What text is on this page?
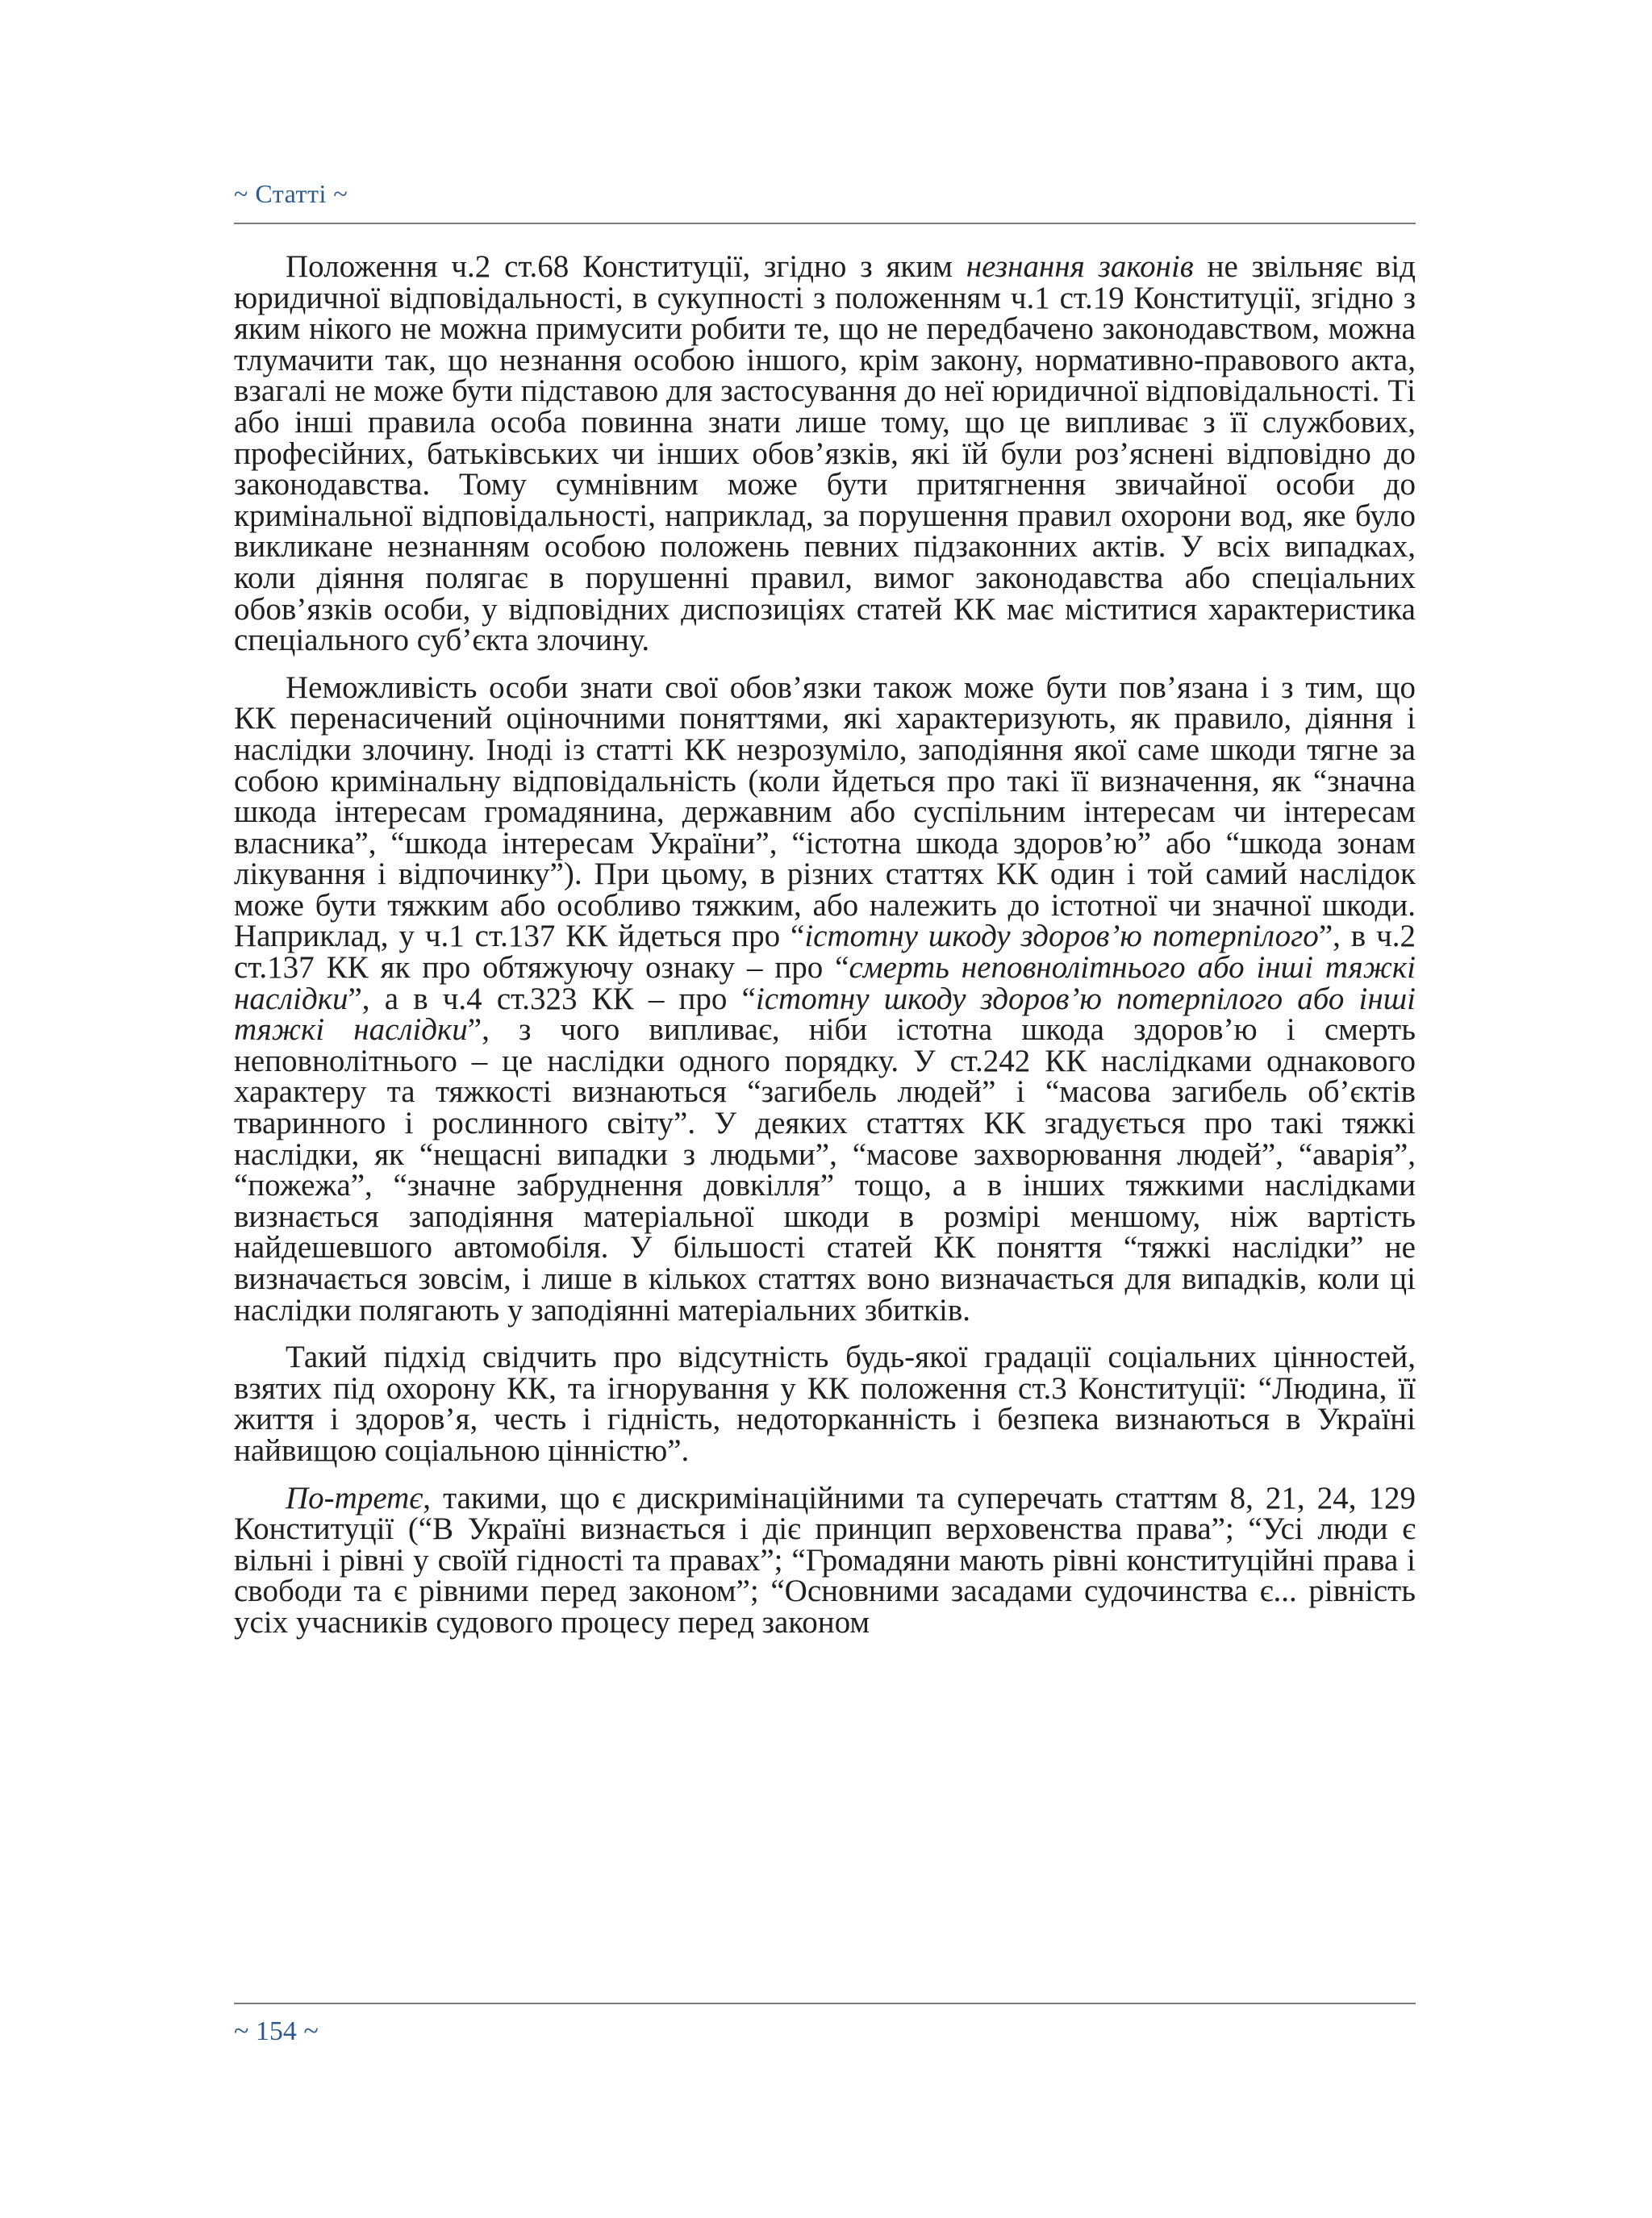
~ Статті ~

Положення ч.2 ст.68 Конституції, згідно з яким незнання законів не звільняє від юридичної відповідальності, в сукупності з положенням ч.1 ст.19 Конституції, згідно з яким нікого не можна примусити робити те, що не передбачено законодавством, можна тлумачити так, що незнання особою іншого, крім закону, нормативно-правового акта, взагалі не може бути підставою для застосування до неї юридичної відповідальності. Ті або інші правила особа повинна знати лише тому, що це випливає з її службових, професійних, батьківських чи інших обов’язків, які їй були роз’яснені відповідно до законодавства. Тому сумнівним може бути притягнення звичайної особи до кримінальної відповідальності, наприклад, за порушення правил охорони вод, яке було викликане незнанням особою положень певних підзаконних актів. У всіх випадках, коли діяння полягає в порушенні правил, вимог законодавства або спеціальних обов’язків особи, у відповідних диспозиціях статей КК має міститися характеристика спеціального суб’єкта злочину.

Неможливість особи знати свої обов’язки також може бути пов’язана і з тим, що КК перенасичений оціночними поняттями, які характеризують, як правило, діяння і наслідки злочину. Іноді із статті КК незрозуміло, заподіяння якої саме шкоди тягне за собою кримінальну відповідальність (коли йдеться про такі її визначення, як “значна шкода інтересам громадянина, державним або суспільним інтересам чи інтересам власника”, “шкода інтересам України”, “істотна шкода здоров’ю” або “шкода зонам лікування і відпочинку”). При цьому, в різних статтях КК один і той самий наслідок може бути тяжким або особливо тяжким, або належить до істотної чи значної шкоди. Наприклад, у ч.1 ст.137 КК йдеться про “істотну шкоду здоров’ю потерпілого”, в ч.2 ст.137 КК як про обтяжуючу ознаку – про “смерть неповнолітнього або інші тяжкі наслідки”, а в ч.4 ст.323 КК – про “істотну шкоду здоров’ю потерпілого або інші тяжкі наслідки”, з чого випливає, ніби істотна шкода здоров’ю і смерть неповнолітнього – це наслідки одного порядку. У ст.242 КК наслідками однакового характеру та тяжкості визнаються “загибель людей” і “масова загибель об’єктів тваринного і рослинного світу”. У деяких статтях КК згадується про такі тяжкі наслідки, як “нещасні випадки з людьми”, “масове захворювання людей”, “аварія”, “пожежа”, “значне забруднення довкілля” тощо, а в інших тяжкими наслідками визнається заподіяння матеріальної шкоди в розмірі меншому, ніж вартість найдешевшого автомобіля. У більшості статей КК поняття “тяжкі наслідки” не визначається зовсім, і лише в кількох статтях воно визначається для випадків, коли ці наслідки полягають у заподіянні матеріальних збитків.

Такий підхід свідчить про відсутність будь-якої градації соціальних цінностей, взятих під охорону КК, та ігнорування у КК положення ст.3 Конституції: “Людина, її життя і здоров’я, честь і гідність, недоторканність і безпека визнаються в Україні найвищою соціальною цінністю”.

По-третє, такими, що є дискримінаційними та суперечать статтям 8, 21, 24, 129 Конституції (“В Україні визнається і діє принцип верховенства права”; “Усі люди є вільні і рівні у своїй гідності та правах”; “Громадяни мають рівні конституційні права і свободи та є рівними перед законом”; “Основними засадами судочинства є... рівність усіх учасників судового процесу перед законом

~ 154 ~
